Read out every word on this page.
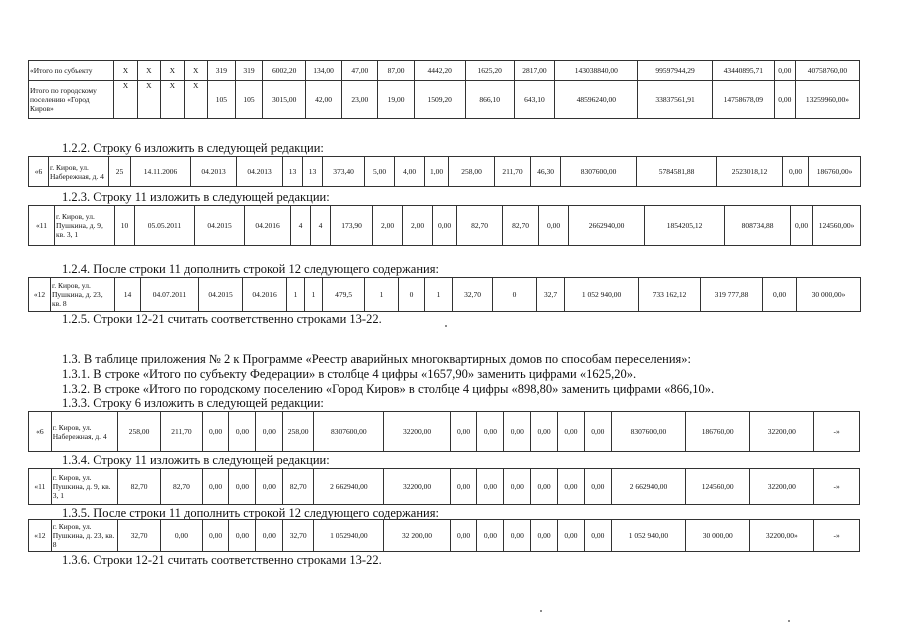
«Итого по субъекту	X	X	X	X	319	319	6002,20	134,00	47,00	87,00	4442,20	1625,20	2817,00	143038840,00	99597944,29	43440895,71	0,00	40758760,00
Итого по городскому поселению «Город Киров»	X	X	X	X	105	105	3015,00	42,00	23,00	19,00	1509,20	866,10	643,10	48596240,00	33837561,91	14758678,09	0,00	13259960,00»
1.2.2. Строку 6 изложить в следующей редакции:
«6	г. Киров, ул. Набережная, д. 4	25	14.11.2006	04.2013	04.2013	13	13	373,40	5,00	4,00	1,00	258,00	211,70	46,30	8307600,00	5784581,88	2523018,12	0,00	186760,00»
1.2.3. Строку 11 изложить в следующей редакции:
«11	г. Киров, ул. Пушкина, д. 9, кв. 3, 1	10	05.05.2011	04.2015	04.2016	4	4	173,90	2,00	2,00	0,00	82,70	82,70	0,00	2662940,00	1854205,12	808734,88	0,00	124560,00»
1.2.4. После строки 11 дополнить строкой 12 следующего содержания:
«12	г. Киров, ул. Пушкина, д. 23, кв. 8	14	04.07.2011	04.2015	04.2016	1	1	479,5	1	0	1	32,70	0	32,7	1 052 940,00	733 162,12	319 777,88	0,00	30 000,00»
1.2.5. Строки 12-21 считать соответственно строками 13-22.
1.3. В таблице приложения № 2 к Программе «Реестр аварийных многоквартирных домов по способам переселения»:
1.3.1. В строке «Итого по субъекту Федерации» в столбце 4 цифры «1657,90» заменить цифрами «1625,20».
1.3.2. В строке «Итого по городскому поселению «Город Киров» в столбце 4 цифры «898,80» заменить цифрами «866,10».
1.3.3. Строку 6 изложить в следующей редакции:
«6	г. Киров, ул. Набережная, д. 4	258,00	211,70	0,00	0,00	0,00	258,00	8307600,00	32200,00	0,00	0,00	0,00	0,00	0,00	0,00	8307600,00	186760,00	32200,00	-»
1.3.4. Строку 11 изложить в следующей редакции:
«11	г. Киров, ул. Пушкина, д. 9, кв. 3, 1	82,70	82,70	0,00	0,00	0,00	82,70	2 662940,00	32200,00	0,00	0,00	0,00	0,00	0,00	0,00	2 662940,00	124560,00	32200,00	-»
1.3.5. После строки 11 дополнить строкой 12 следующего содержания:
«12	г. Киров, ул. Пушкина, д. 23, кв. 8	32,70	0,00	0,00	0,00	0,00	32,70	1 052940,00	32 200,00	0,00	0,00	0,00	0,00	0,00	0,00	1 052 940,00	30 000,00	32200,00»	-»
1.3.6. Строки 12-21 считать соответственно строками 13-22.
